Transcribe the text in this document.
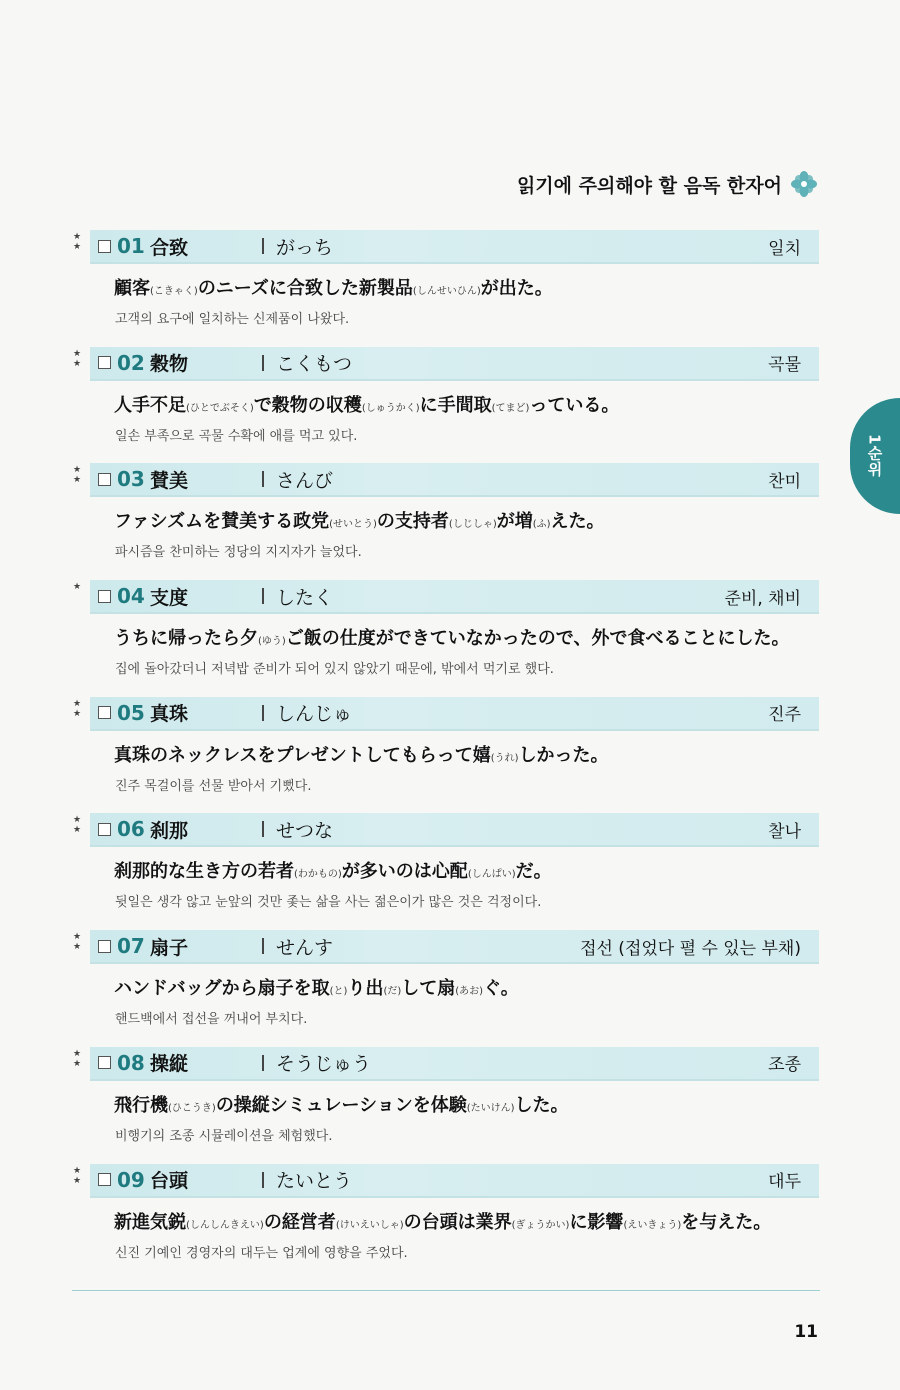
읽기에 주의해야 할 음독 한자어
1순위
★ ★ 01 合致	がっち	일치
顧客(こきゃく)のニーズに合致した新製品(しんせいひん)が出た。
고객의 요구에 일치하는 신제품이 나왔다.
★ ★ 02 穀物	こくもつ	곡물
人手不足(ひとでぶそく)で穀物の収穫(しゅうかく)に手間取(てまど)っている。
일손 부족으로 곡물 수확에 애를 먹고 있다.
★ ★ 03 賛美	さんび	찬미
ファシズムを賛美する政党(せいとう)の支持者(しじしゃ)が増(ふ)えた。
파시즘을 찬미하는 정당의 지지자가 늘었다.
★ 04 支度	したく	준비, 채비
うちに帰ったら夕(ゆう)ご飯の仕度ができていなかったので、外で食べることにした。
집에 돌아갔더니 저녁밥 준비가 되어 있지 않았기 때문에, 밖에서 먹기로 했다.
★ ★ 05 真珠	しんじゅ	진주
真珠のネックレスをプレゼントしてもらって嬉(うれ)しかった。
진주 목걸이를 선물 받아서 기뻤다.
★ ★ 06 刹那	せつな	찰나
刹那的な生き方の若者(わかもの)が多いのは心配(しんぱい)だ。
뒷일은 생각 않고 눈앞의 것만 좇는 삶을 사는 젊은이가 많은 것은 걱정이다.
★ ★ 07 扇子	せんす	접선 (접었다 펼 수 있는 부채)
ハンドバッグから扇子を取(と)り出(だ)して扇(あお)ぐ。
핸드백에서 접선을 꺼내어 부치다.
★ ★ 08 操縦	そうじゅう	조종
飛行機(ひこうき)の操縦シミュレーションを体験(たいけん)した。
비행기의 조종 시뮬레이션을 체험했다.
★ ★ 09 台頭	たいとう	대두
新進気鋭(しんしんきえい)の経営者(けいえいしゃ)の台頭は業界(ぎょうかい)に影響(えいきょう)を与えた。
신진 기예인 경영자의 대두는 업계에 영향을 주었다.
11
